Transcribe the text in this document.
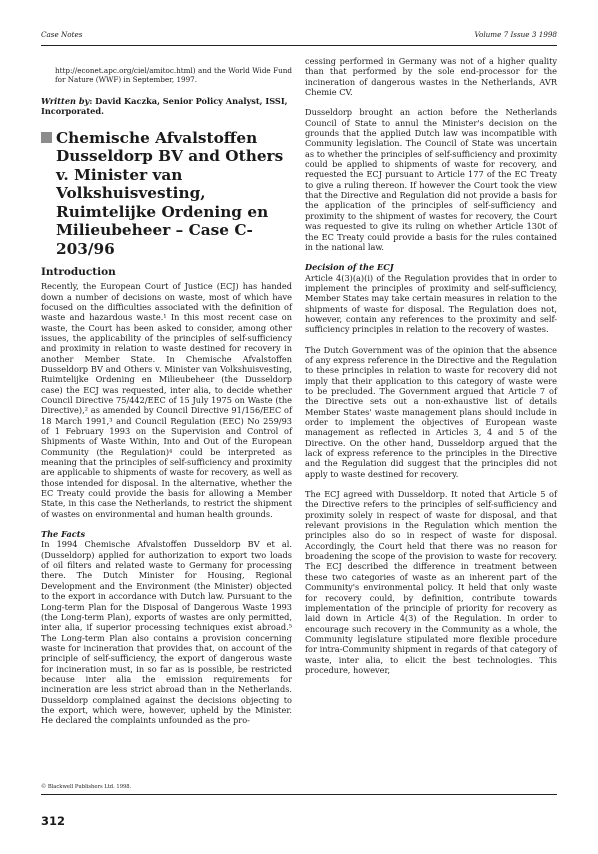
Case Notes	Volume 7 Issue 3 1998

http://econet.apc.org/ciel/amitoc.html) and the World Wide Fund for Nature (WWF) in September, 1997.

Written by: David Kaczka, Senior Policy Analyst, ISSI, Incorporated.

Chemische Afvalstoffen Dusseldorp BV and Others v. Minister van Volkshuisvesting, Ruimtelijke Ordening en Milieubeheer – Case C-203/96
Introduction

Recently, the European Court of Justice (ECJ) has handed down a number of decisions on waste, most of which have focused on the difficulties associated with the definition of waste and hazardous waste.¹ In this most recent case on waste, the Court has been asked to consider, among other issues, the applicability of the principles of self-sufficiency and proximity in relation to waste destined for recovery in another Member State. In Chemische Afvalstoffen Dusseldorp BV and Others v. Minister van Volkshuisvesting, Ruimtelijke Ordening en Milieubeheer (the Dusseldorp case) the ECJ was requested, inter alia, to decide whether Council Directive 75/442/EEC of 15 July 1975 on Waste (the Directive),² as amended by Council Directive 91/156/EEC of 18 March 1991,³ and Council Regulation (EEC) No 259/93 of 1 February 1993 on the Supervision and Control of Shipments of Waste Within, Into and Out of the European Community (the Regulation)⁴ could be interpreted as meaning that the principles of self-sufficiency and proximity are applicable to shipments of waste for recovery, as well as those intended for disposal. In the alternative, whether the EC Treaty could provide the basis for allowing a Member State, in this case the Netherlands, to restrict the shipment of wastes on environmental and human health grounds.

The Facts

In 1994 Chemische Afvalstoffen Dusseldorp BV et al. (Dusseldorp) applied for authorization to export two loads of oil filters and related waste to Germany for processing there. The Dutch Minister for Housing, Regional Development and the Environment (the Minister) objected to the export in accordance with Dutch law. Pursuant to the Long-term Plan for the Disposal of Dangerous Waste 1993 (the Long-term Plan), exports of wastes are only permitted, inter alia, if superior processing techniques exist abroad.⁵ The Long-term Plan also contains a provision concerning waste for incineration that provides that, on account of the principle of self-sufficiency, the export of dangerous waste for incineration must, in so far as is possible, be restricted because inter alia the emission requirements for incineration are less strict abroad than in the Netherlands. Dusseldorp complained against the decisions objecting to the export, which were, however, upheld by the Minister. He declared the complaints unfounded as the pro-

cessing performed in Germany was not of a higher quality than that performed by the sole end-processor for the incineration of dangerous wastes in the Netherlands, AVR Chemie CV.

Dusseldorp brought an action before the Netherlands Council of State to annul the Minister's decision on the grounds that the applied Dutch law was incompatible with Community legislation. The Council of State was uncertain as to whether the principles of self-sufficiency and proximity could be applied to shipments of waste for recovery, and requested the ECJ pursuant to Article 177 of the EC Treaty to give a ruling thereon. If however the Court took the view that the Directive and Regulation did not provide a basis for the application of the principles of self-sufficiency and proximity to the shipment of wastes for recovery, the Court was requested to give its ruling on whether Article 130t of the EC Treaty could provide a basis for the rules contained in the national law.

Decision of the ECJ

Article 4(3)(a)(i) of the Regulation provides that in order to implement the principles of proximity and self-sufficiency, Member States may take certain measures in relation to the shipments of waste for disposal. The Regulation does not, however, contain any references to the proximity and self-sufficiency principles in relation to the recovery of wastes.

The Dutch Government was of the opinion that the absence of any express reference in the Directive and the Regulation to these principles in relation to waste for recovery did not imply that their application to this category of waste were to be precluded. The Government argued that Article 7 of the Directive sets out a non-exhaustive list of details Member States' waste management plans should include in order to implement the objectives of European waste management as reflected in Articles 3, 4 and 5 of the Directive. On the other hand, Dusseldorp argued that the lack of express reference to the principles in the Directive and the Regulation did suggest that the principles did not apply to waste destined for recovery.

The ECJ agreed with Dusseldorp. It noted that Article 5 of the Directive refers to the principles of self-sufficiency and proximity solely in respect of waste for disposal, and that relevant provisions in the Regulation which mention the principles also do so in respect of waste for disposal. Accordingly, the Court held that there was no reason for broadening the scope of the provision to waste for recovery. The ECJ described the difference in treatment between these two categories of waste as an inherent part of the Community's environmental policy. It held that only waste for recovery could, by definition, contribute towards implementation of the principle of priority for recovery as laid down in Article 4(3) of the Regulation. In order to encourage such recovery in the Community as a whole, the Community legislature stipulated more flexible procedure for intra-Community shipment in regards of that category of waste, inter alia, to elicit the best technologies. This procedure, however,

© Blackwell Publishers Ltd. 1998.
312
